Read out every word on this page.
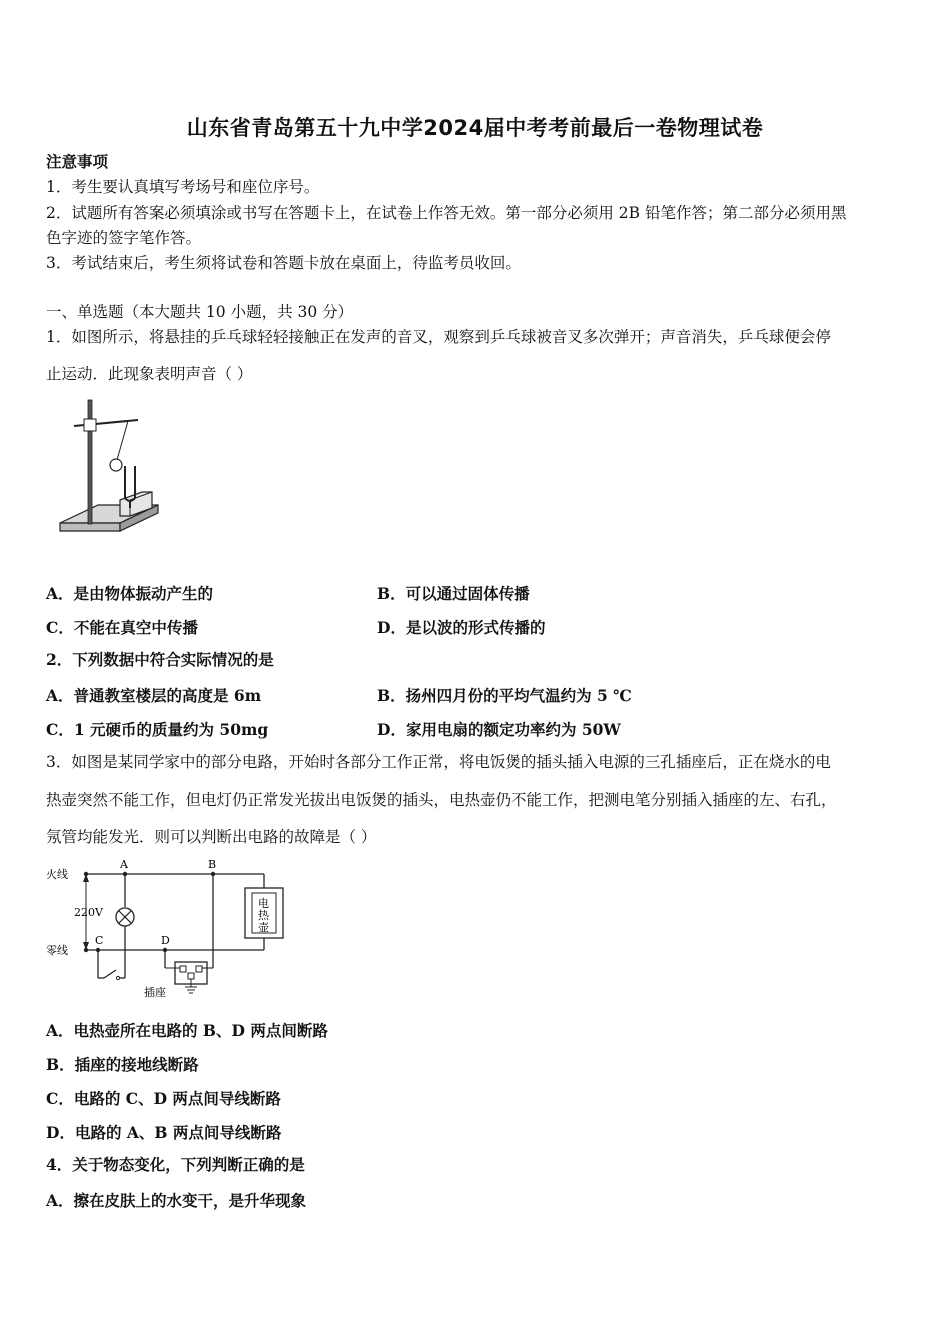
山东省青岛第五十九中学2024届中考考前最后一卷物理试卷
注意事项
1．考生要认真填写考场号和座位序号。
2．试题所有答案必须填涂或书写在答题卡上，在试卷上作答无效。第一部分必须用 2B 铅笔作答；第二部分必须用黑
色字迹的签字笔作答。
3．考试结束后，考生须将试卷和答题卡放在桌面上，待监考员收回。
一、单选题（本大题共 10 小题，共 30 分）
1．如图所示，将悬挂的乒乓球轻轻接触正在发声的音叉，观察到乒乓球被音叉多次弹开；声音消失，乒乓球便会停
止运动．此现象表明声音（ ）
A．是由物体振动产生的	B．可以通过固体传播
C．不能在真空中传播	D．是以波的形式传播的
2．下列数据中符合实际情况的是
A．普通教室楼层的高度是 6m	B．扬州四月份的平均气温约为 5 ℃
C．1 元硬币的质量约为 50mg	D．家用电扇的额定功率约为 50W
3．如图是某同学家中的部分电路，开始时各部分工作正常，将电饭煲的插头插入电源的三孔插座后，正在烧水的电
热壶突然不能工作，但电灯仍正常发光拔出电饭煲的插头，电热壶仍不能工作，把测电笔分别插入插座的左、右孔，
氖管均能发光．则可以判断出电路的故障是（ ）
火线
零线
220V
A
C
B
电
热
壶
D
插座
A．电热壶所在电路的 B、D 两点间断路
B．插座的接地线断路
C．电路的 C、D 两点间导线断路
D．电路的 A、B 两点间导线断路
4．关于物态变化，下列判断正确的是
A．擦在皮肤上的水变干，是升华现象
